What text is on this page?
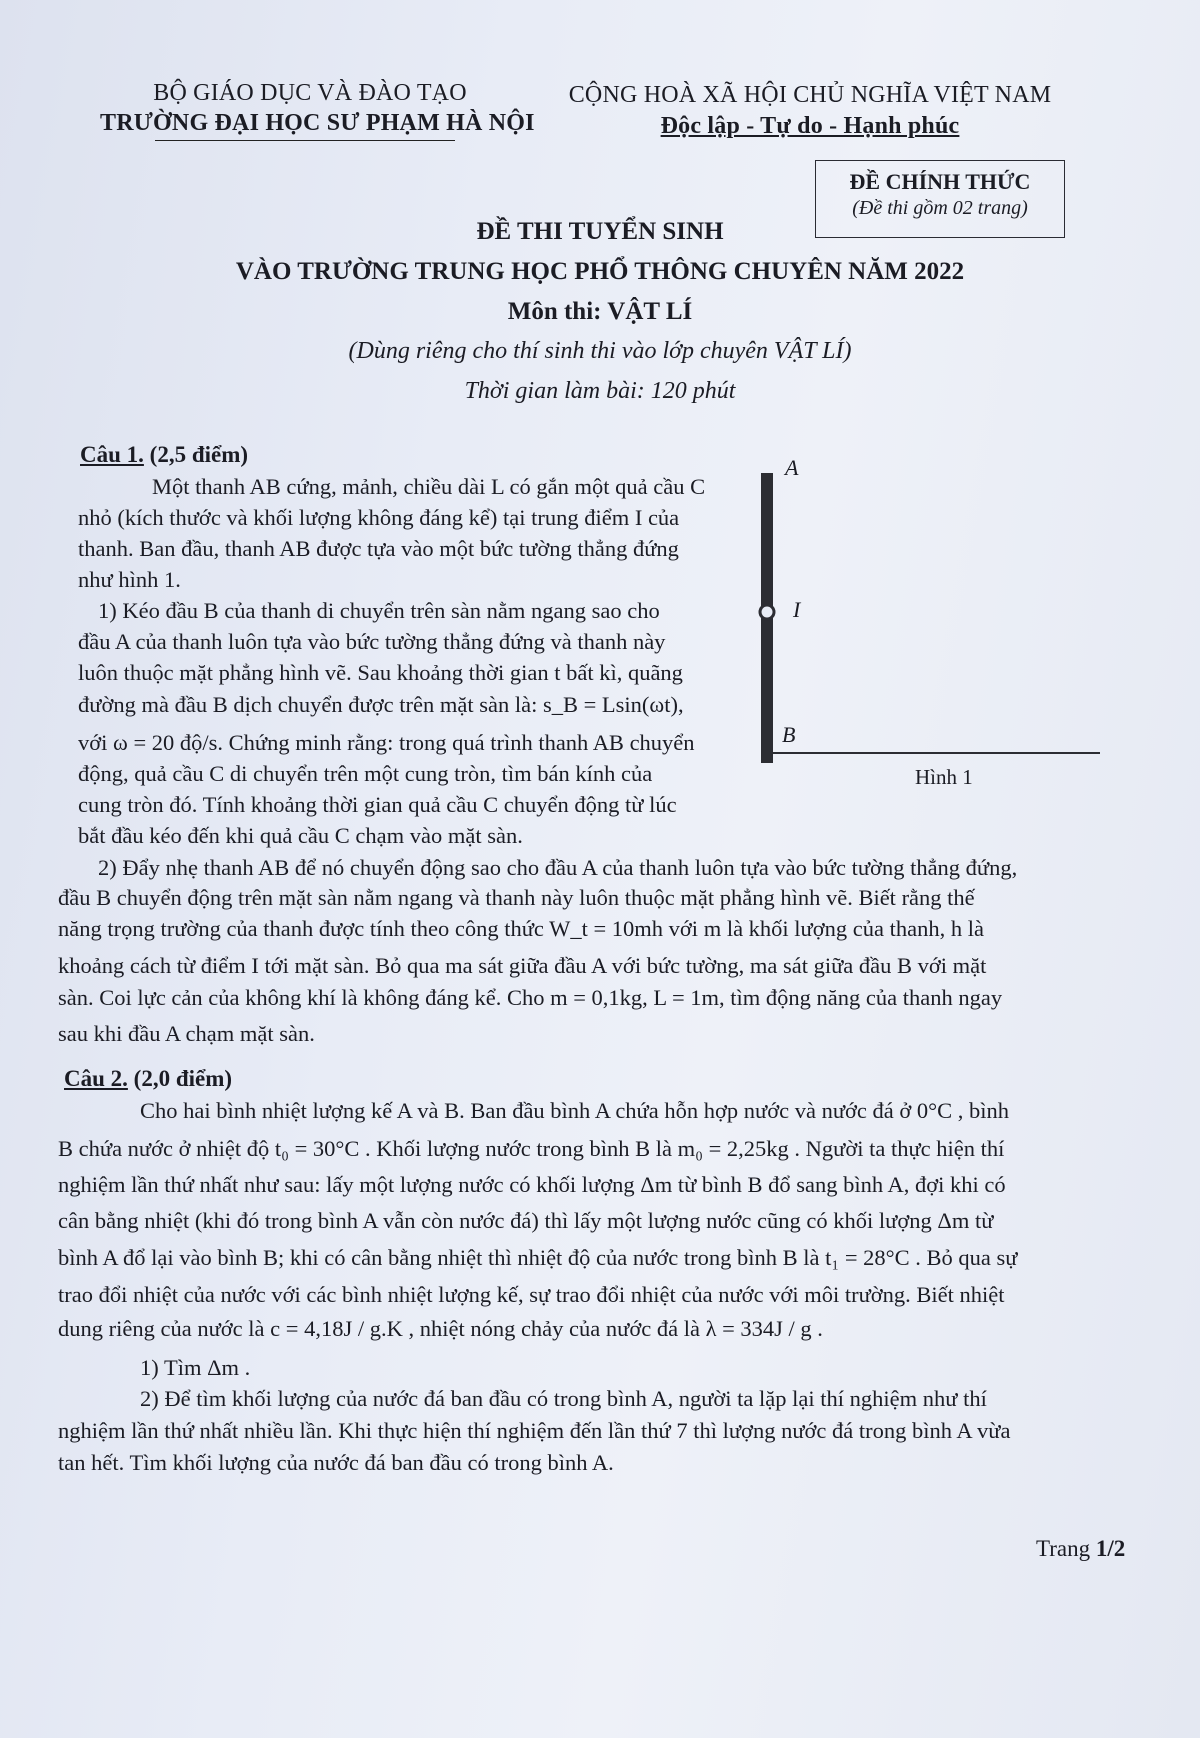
BỘ GIÁO DỤC VÀ ĐÀO TẠO
TRƯỜNG ĐẠI HỌC SƯ PHẠM HÀ NỘI
CỘNG HOÀ XÃ HỘI CHỦ NGHĨA VIỆT NAM
Độc lập - Tự do - Hạnh phúc
ĐỀ CHÍNH THỨC
(Đề thi gồm 02 trang)
ĐỀ THI TUYỂN SINH
VÀO TRƯỜNG TRUNG HỌC PHỔ THÔNG CHUYÊN NĂM 2022
Môn thi: VẬT LÍ
(Dùng riêng cho thí sinh thi vào lớp chuyên VẬT LÍ)
Thời gian làm bài: 120 phút
Câu 1. (2,5 điểm)
Một thanh AB cứng, mảnh, chiều dài L có gắn một quả cầu C
nhỏ (kích thước và khối lượng không đáng kể) tại trung điểm I của
thanh. Ban đầu, thanh AB được tựa vào một bức tường thẳng đứng
như hình 1.
1) Kéo đầu B của thanh di chuyển trên sàn nằm ngang sao cho
đầu A của thanh luôn tựa vào bức tường thẳng đứng và thanh này
luôn thuộc mặt phẳng hình vẽ. Sau khoảng thời gian t bất kì, quãng
đường mà đầu B dịch chuyển được trên mặt sàn là: s_B = Lsin(ωt),
với ω = 20 độ/s. Chứng minh rằng: trong quá trình thanh AB chuyển
động, quả cầu C di chuyển trên một cung tròn, tìm bán kính của
cung tròn đó. Tính khoảng thời gian quả cầu C chuyển động từ lúc
bắt đầu kéo đến khi quả cầu C chạm vào mặt sàn.
A
I
B
Hình 1
2) Đẩy nhẹ thanh AB để nó chuyển động sao cho đầu A của thanh luôn tựa vào bức tường thẳng đứng,
đầu B chuyển động trên mặt sàn nằm ngang và thanh này luôn thuộc mặt phẳng hình vẽ. Biết rằng thế
năng trọng trường của thanh được tính theo công thức W_t = 10mh với m là khối lượng của thanh, h là
khoảng cách từ điểm I tới mặt sàn. Bỏ qua ma sát giữa đầu A với bức tường, ma sát giữa đầu B với mặt
sàn. Coi lực cản của không khí là không đáng kể. Cho m = 0,1kg, L = 1m, tìm động năng của thanh ngay
sau khi đầu A chạm mặt sàn.
Câu 2. (2,0 điểm)
Cho hai bình nhiệt lượng kế A và B. Ban đầu bình A chứa hỗn hợp nước và nước đá ở 0°C , bình
B chứa nước ở nhiệt độ t₀ = 30°C . Khối lượng nước trong bình B là m₀ = 2,25kg . Người ta thực hiện thí
nghiệm lần thứ nhất như sau: lấy một lượng nước có khối lượng Δm từ bình B đổ sang bình A, đợi khi có
cân bằng nhiệt (khi đó trong bình A vẫn còn nước đá) thì lấy một lượng nước cũng có khối lượng Δm từ
bình A đổ lại vào bình B; khi có cân bằng nhiệt thì nhiệt độ của nước trong bình B là t₁ = 28°C . Bỏ qua sự
trao đổi nhiệt của nước với các bình nhiệt lượng kế, sự trao đổi nhiệt của nước với môi trường. Biết nhiệt
dung riêng của nước là c = 4,18J / g.K , nhiệt nóng chảy của nước đá là λ = 334J / g .
1) Tìm Δm .
2) Để tìm khối lượng của nước đá ban đầu có trong bình A, người ta lặp lại thí nghiệm như thí
nghiệm lần thứ nhất nhiều lần. Khi thực hiện thí nghiệm đến lần thứ 7 thì lượng nước đá trong bình A vừa
tan hết. Tìm khối lượng của nước đá ban đầu có trong bình A.
Trang 1/2
